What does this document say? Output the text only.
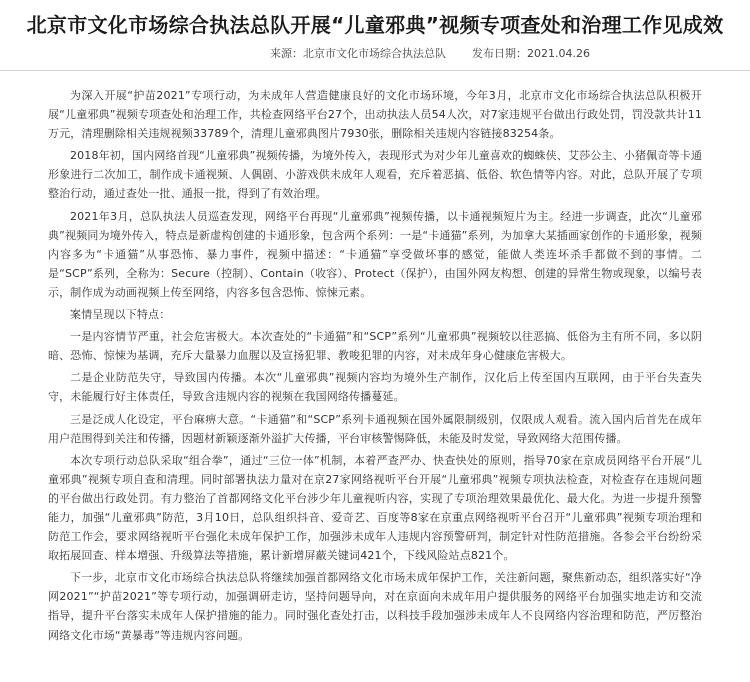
北京市文化市场综合执法总队开展“儿童邪典”视频专项查处和治理工作见成效
来源：北京市文化市场综合执法总队 发布日期：2021.04.26

为深入开展“护苗2021”专项行动，为未成年人营造健康良好的文化市场环境，今年3月，北京市文化市场综合执法总队积极开展“儿童邪典”视频专项查处和治理工作，共检查网络平台27个，出动执法人员54人次，对7家违规平台做出行政处罚，罚没款共计11万元，清理删除相关违规视频33789个，清理儿童邪典图片7930张，删除相关违规内容链接83254条。

2018年初，国内网络首现“儿童邪典”视频传播，为境外传入，表现形式为对少年儿童喜欢的蜘蛛侠、艾莎公主、小猪佩奇等卡通形象进行二次加工，制作成卡通视频、人偶剧、小游戏供未成年人观看，充斥着恶搞、低俗、软色情等内容。对此，总队开展了专项整治行动，通过查处一批、通报一批，得到了有效治理。

2021年3月，总队执法人员巡查发现，网络平台再现“儿童邪典”视频传播，以卡通视频短片为主。经进一步调查，此次“儿童邪典”视频同为境外传入，特点是新虚构创建的卡通形象，包含两个系列：一是“卡通猫”系列，为加拿大某插画家创作的卡通形象，视频内容多为“卡通猫”从事恐怖、暴力事件，视频中描述：“卡通猫”享受做坏事的感觉，能做人类连坏杀手都做不到的事情。二是“SCP”系列，全称为：Secure（控制）、Contain（收容）、Protect（保护），由国外网友构想、创建的异常生物或现象，以编号表示，制作成为动画视频上传至网络，内容多包含恐怖、惊悚元素。

案情呈现以下特点：

一是内容情节严重，社会危害极大。本次查处的“卡通猫”和“SCP”系列“儿童邪典”视频较以往恶搞、低俗为主有所不同，多以阴暗、恐怖、惊悚为基调，充斥大量暴力血腥以及宣扬犯罪、教唆犯罪的内容，对未成年身心健康危害极大。

二是企业防范失守，导致国内传播。本次“儿童邪典”视频内容均为境外生产制作，汉化后上传至国内互联网，由于平台失查失守，未能履行好主体责任，导致含违规内容的视频在我国网络传播蔓延。

三是泛成人化设定，平台麻痹大意。“卡通猫”和“SCP”系列卡通视频在国外属限制级别，仅限成人观看。流入国内后首先在成年用户范围得到关注和传播，因题材新颖逐渐外溢扩大传播，平台审核警惕降低，未能及时发觉，导致网络大范围传播。

本次专项行动总队采取“组合拳”，通过“三位一体”机制，本着严查严办、快查快处的原则，指导70家在京成员网络平台开展“儿童邪典”视频专项自查和清理。同时部署执法力量对在京27家网络视听平台开展“儿童邪典”视频专项执法检查，对检查存在违规问题的平台做出行政处罚。有力整治了首都网络文化平台涉少年儿童视听内容，实现了专项治理效果最优化、最大化。为进一步提升预警能力，加强“儿童邪典”防范，3月10日，总队组织抖音、爱奇艺、百度等8家在京重点网络视听平台召开“儿童邪典”视频专项治理和防范工作会，要求网络视听平台强化未成年保护工作，加强涉未成年人违规内容预警研判，制定针对性防范措施。各参会平台纷纷采取拓展回查、样本增强、升级算法等措施，累计新增屏蔽关键词421个，下线风险站点821个。

下一步，北京市文化市场综合执法总队将继续加强首都网络文化市场未成年保护工作，关注新问题，聚焦新动态，组织落实好“净网2021”“护苗2021”等专项行动，加强调研走访，坚持问题导向，对在京面向未成年用户提供服务的网络平台加强实地走访和交流指导，提升平台落实未成年人保护措施的能力。同时强化查处打击，以科技手段加强涉未成年人不良网络内容治理和防范，严厉整治网络文化市场“黄暴毒”等违规内容问题。
